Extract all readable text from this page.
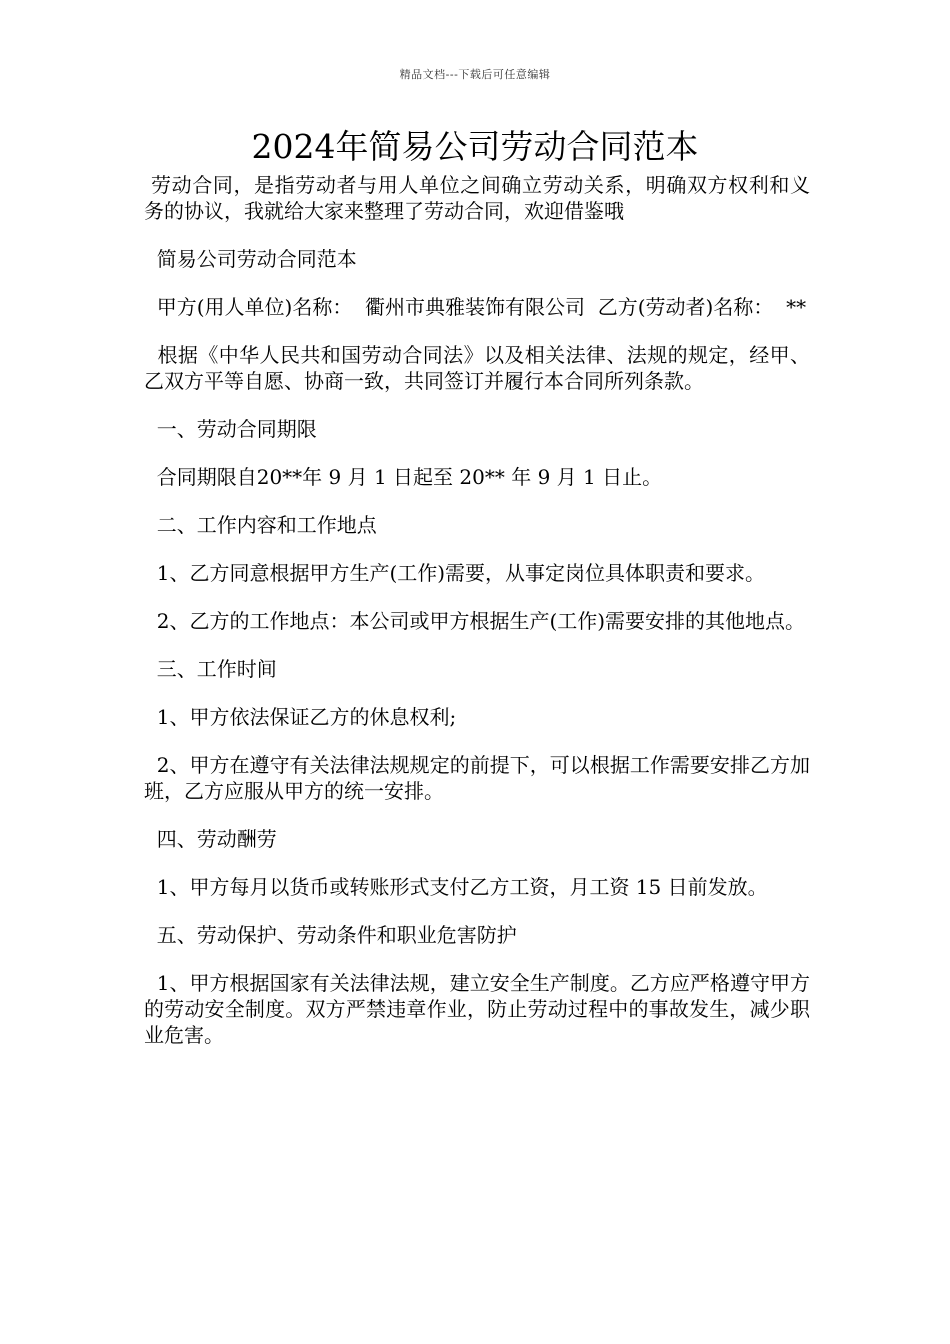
精品文档---下载后可任意编辑
2024年简易公司劳动合同范本

劳动合同，是指劳动者与用人单位之间确立劳动关系，明确双方权利和义务的协议，我就给大家来整理了劳动合同，欢迎借鉴哦

简易公司劳动合同范本

甲方(用人单位)名称：  衢州市典雅装饰有限公司  乙方(劳动者)名称：  **

根据《中华人民共和国劳动合同法》以及相关法律、法规的规定，经甲、乙双方平等自愿、协商一致，共同签订并履行本合同所列条款。

一、劳动合同期限

合同期限自20**年 9 月 1 日起至 20** 年 9 月 1 日止。

二、工作内容和工作地点

1、乙方同意根据甲方生产(工作)需要，从事定岗位具体职责和要求。

2、乙方的工作地点：本公司或甲方根据生产(工作)需要安排的其他地点。

三、工作时间

1、甲方依法保证乙方的休息权利;

2、甲方在遵守有关法律法规规定的前提下，可以根据工作需要安排乙方加班，乙方应服从甲方的统一安排。

四、劳动酬劳

1、甲方每月以货币或转账形式支付乙方工资，月工资 15 日前发放。

五、劳动保护、劳动条件和职业危害防护

1、甲方根据国家有关法律法规，建立安全生产制度。乙方应严格遵守甲方的劳动安全制度。双方严禁违章作业，防止劳动过程中的事故发生，减少职业危害。
